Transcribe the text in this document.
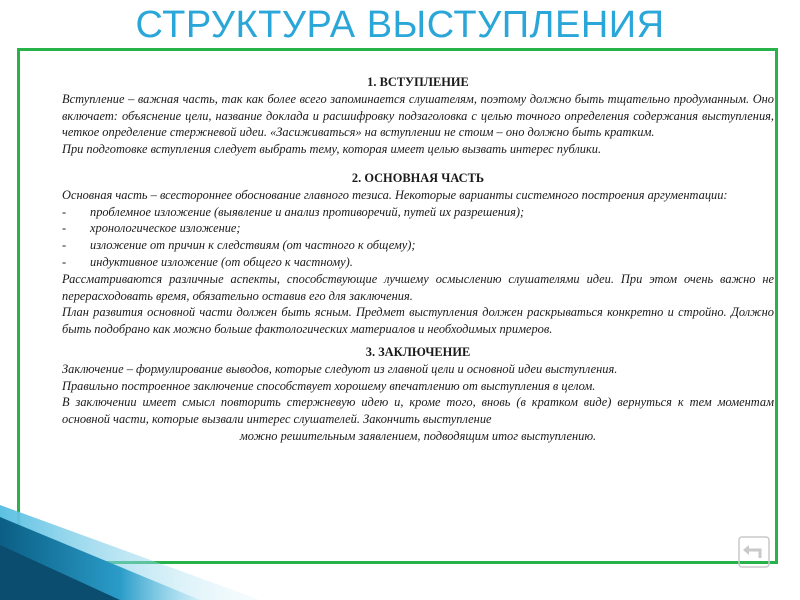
СТРУКТУРА ВЫСТУПЛЕНИЯ
1. ВСТУПЛЕНИЕ
Вступление – важная часть, так как более всего запоминается слушателям, поэтому должно быть тщательно продуманным. Оно включает: объяснение цели, название доклада и расшифровку подзаголовка с целью точного определения содержания выступления, четкое определение стержневой идеи. «Засиживаться» на вступлении не стоим – оно должно быть кратким.
При подготовке вступления следует выбрать тему, которая имеет целью вызвать интерес публики.
2. ОСНОВНАЯ ЧАСТЬ
Основная часть – всестороннее обоснование главного тезиса. Некоторые варианты системного построения аргументации:
-	проблемное изложение (выявление и анализ противоречий, путей их разрешения);
-	хронологическое изложение;
-	изложение от причин к следствиям (от частного к общему);
-	индуктивное изложение (от общего к частному).
Рассматриваются различные аспекты, способствующие лучшему осмыслению слушателями идеи. При этом очень важно не перерасходовать время, обязательно оставив его для заключения.
План развития основной части должен быть ясным. Предмет выступления должен раскрываться конкретно и стройно. Должно быть подобрано как можно больше фактологических материалов и необходимых примеров.
3. ЗАКЛЮЧЕНИЕ
Заключение – формулирование выводов, которые следуют из главной цели и основной идеи выступления.
Правильно построенное заключение способствует хорошему впечатлению от выступления в целом.
В заключении имеет смысл повторить стержневую идею и, кроме того, вновь (в кратком виде) вернуться к тем моментам основной части, которые вызвали интерес слушателей. Закончить выступление
можно решительным заявлением, подводящим итог выступлению.
